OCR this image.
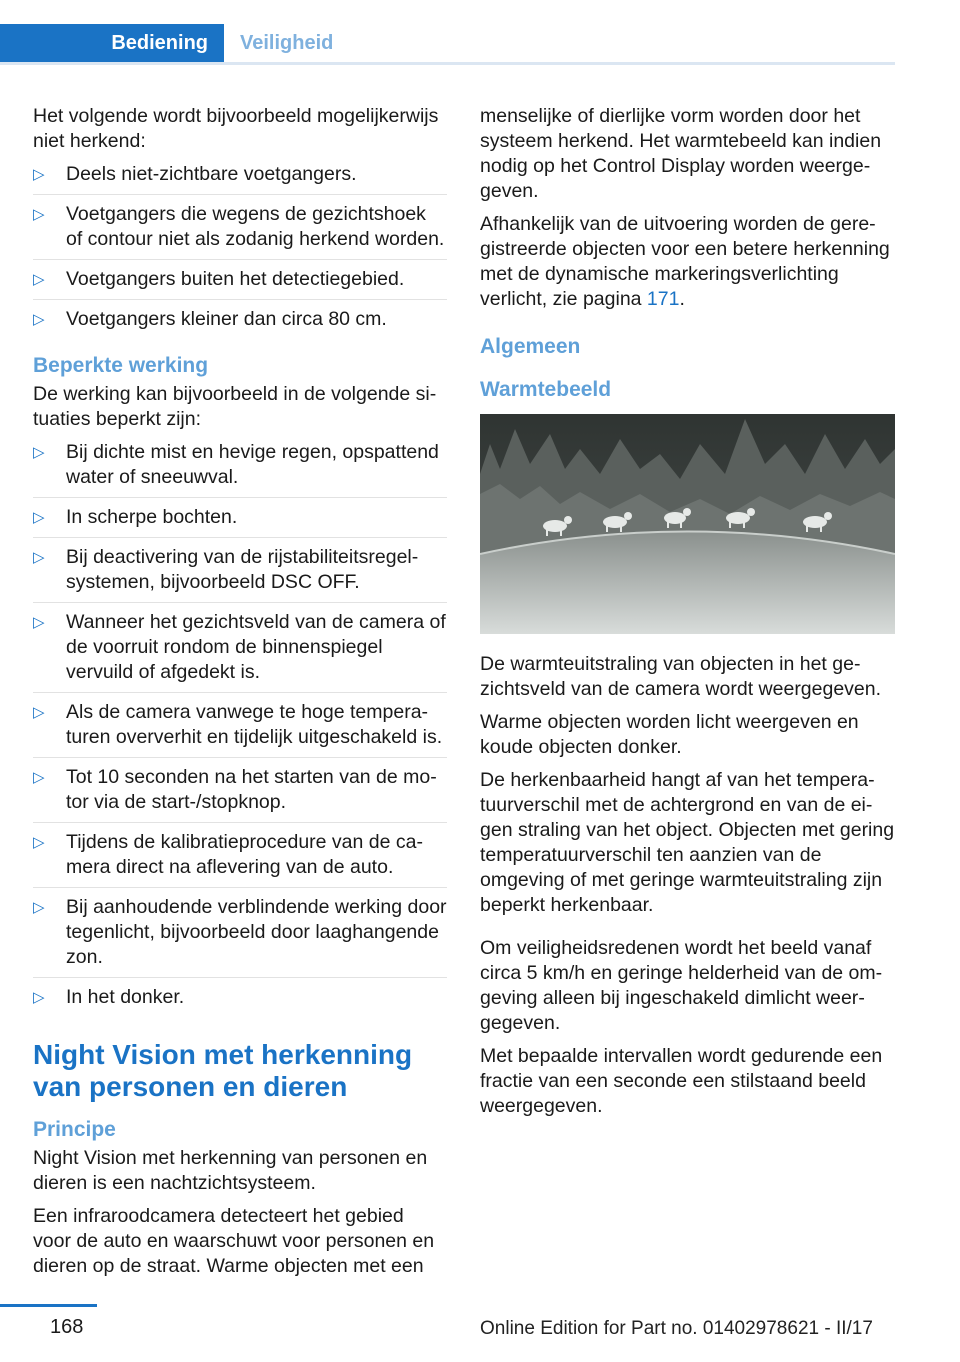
Bediening	Veiligheid

Het volgende wordt bijvoorbeeld mogelijkerwijs niet herkend:

▷ Deels niet-zichtbare voetgangers.
▷ Voetgangers die wegens de gezichtshoek of contour niet als zodanig herkend worden.
▷ Voetgangers buiten het detectiegebied.
▷ Voetgangers kleiner dan circa 80 cm.
Beperkte werking

De werking kan bijvoorbeeld in de volgende situaties beperkt zijn:

▷ Bij dichte mist en hevige regen, opspattend water of sneeuwval.
▷ In scherpe bochten.
▷ Bij deactivering van de rijstabiliteitsregelsystemen, bijvoorbeeld DSC OFF.
▷ Wanneer het gezichtsveld van de camera of de voorruit rondom de binnenspiegel vervuild of afgedekt is.
▷ Als de camera vanwege te hoge temperaturen oververhit en tijdelijk uitgeschakeld is.
▷ Tot 10 seconden na het starten van de motor via de start-/stopknop.
▷ Tijdens de kalibratieprocedure van de camera direct na aflevering van de auto.
▷ Bij aanhoudende verblindende werking door tegenlicht, bijvoorbeeld door laaghangende zon.
▷ In het donker.
Night Vision met herkenning van personen en dieren
Principe

Night Vision met herkenning van personen en dieren is een nachtzichtsysteem.

Een infraroodcamera detecteert het gebied voor de auto en waarschuwt voor personen en dieren op de straat. Warme objecten met een

menselijke of dierlijke vorm worden door het systeem herkend. Het warmtebeeld kan indien nodig op het Control Display worden weergegeven.

Afhankelijk van de uitvoering worden de geregistreerde objecten voor een betere herkenning met de dynamische markeringsverlichting verlicht, zie pagina 171.

Algemeen
Warmtebeeld

De warmteuitstraling van objecten in het gezichtsveld van de camera wordt weergegeven.

Warme objecten worden licht weergeven en koude objecten donker.

De herkenbaarheid hangt af van het temperatuurverschil met de achtergrond en van de eigen straling van het object. Objecten met gering temperatuurverschil ten aanzien van de omgeving of met geringe warmteuitstraling zijn beperkt herkenbaar.

Om veiligheidsredenen wordt het beeld vanaf circa 5 km/h en geringe helderheid van de omgeving alleen bij ingeschakeld dimlicht weergegeven.

Met bepaalde intervallen wordt gedurende een fractie van een seconde een stilstaand beeld weergegeven.

168	Online Edition for Part no. 01402978621 - II/17
